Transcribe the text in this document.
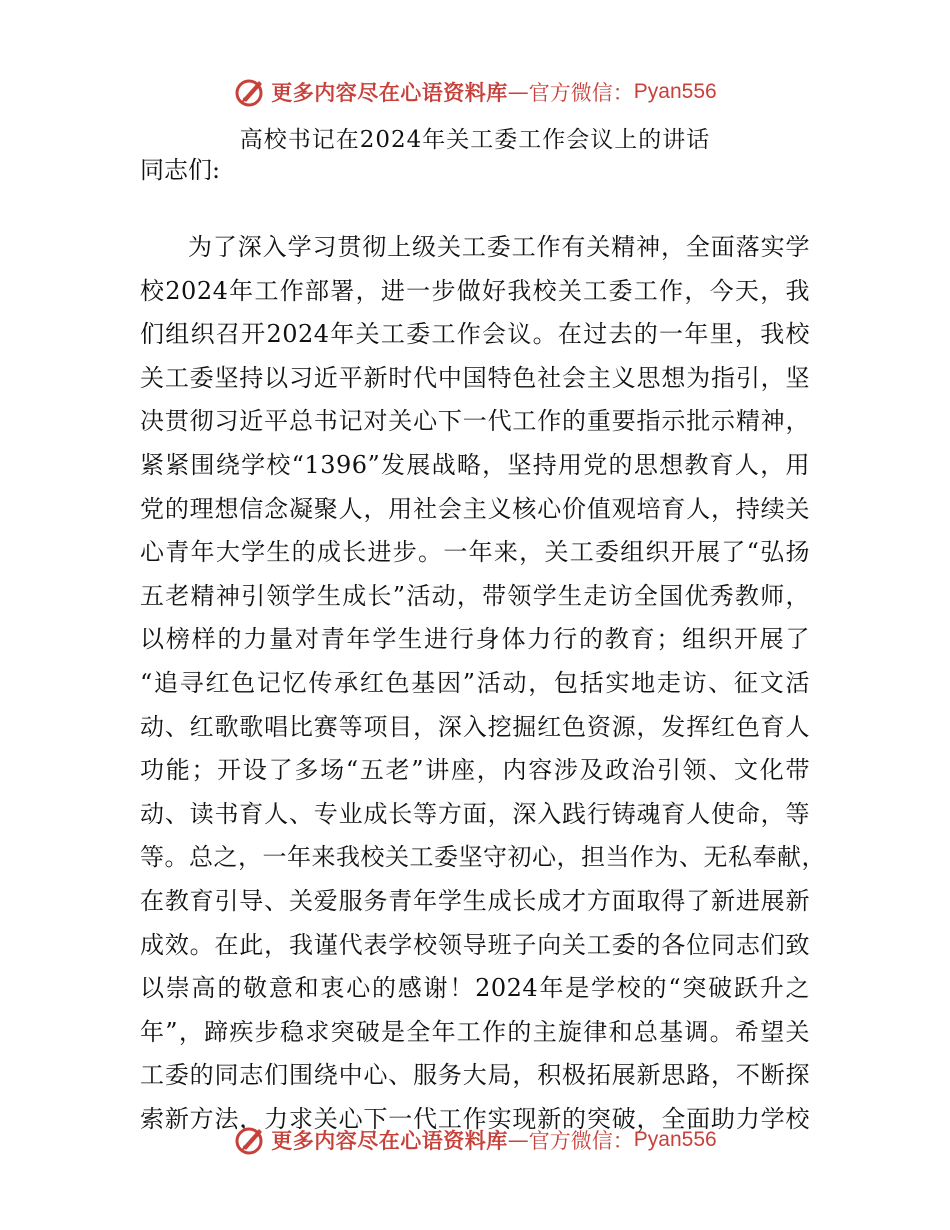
更多内容尽在心语资料库 — 官方微信： Pyan556
高校书记在2024年关工委工作会议上的讲话
同志们:
为了深入学习贯彻上级关工委工作有关精神，全面落实学
校2024年工作部署，进一步做好我校关工委工作，今天，我
们组织召开2024年关工委工作会议。在过去的一年里，我校
关工委坚持以习近平新时代中国特色社会主义思想为指引，坚
决贯彻习近平总书记对关心下一代工作的重要指示批示精神，
紧紧围绕学校“1396”发展战略，坚持用党的思想教育人，用
党的理想信念凝聚人，用社会主义核心价值观培育人，持续关
心青年大学生的成长进步。一年来，关工委组织开展了“弘扬
五老精神引领学生成长”活动，带领学生走访全国优秀教师，
以榜样的力量对青年学生进行身体力行的教育；组织开展了
“追寻红色记忆传承红色基因”活动，包括实地走访、征文活
动、红歌歌唱比赛等项目，深入挖掘红色资源，发挥红色育人
功能；开设了多场“五老”讲座，内容涉及政治引领、文化带
动、读书育人、专业成长等方面，深入践行铸魂育人使命，等
等。总之，一年来我校关工委坚守初心，担当作为、无私奉献，
在教育引导、关爱服务青年学生成长成才方面取得了新进展新
成效。在此，我谨代表学校领导班子向关工委的各位同志们致
以崇高的敬意和衷心的感谢！2024年是学校的“突破跃升之
年”，蹄疾步稳求突破是全年工作的主旋律和总基调。希望关
工委的同志们围绕中心、服务大局，积极拓展新思路，不断探
索新方法，力求关心下一代工作实现新的突破，全面助力学校
更多内容尽在心语资料库 — 官方微信： Pyan556
